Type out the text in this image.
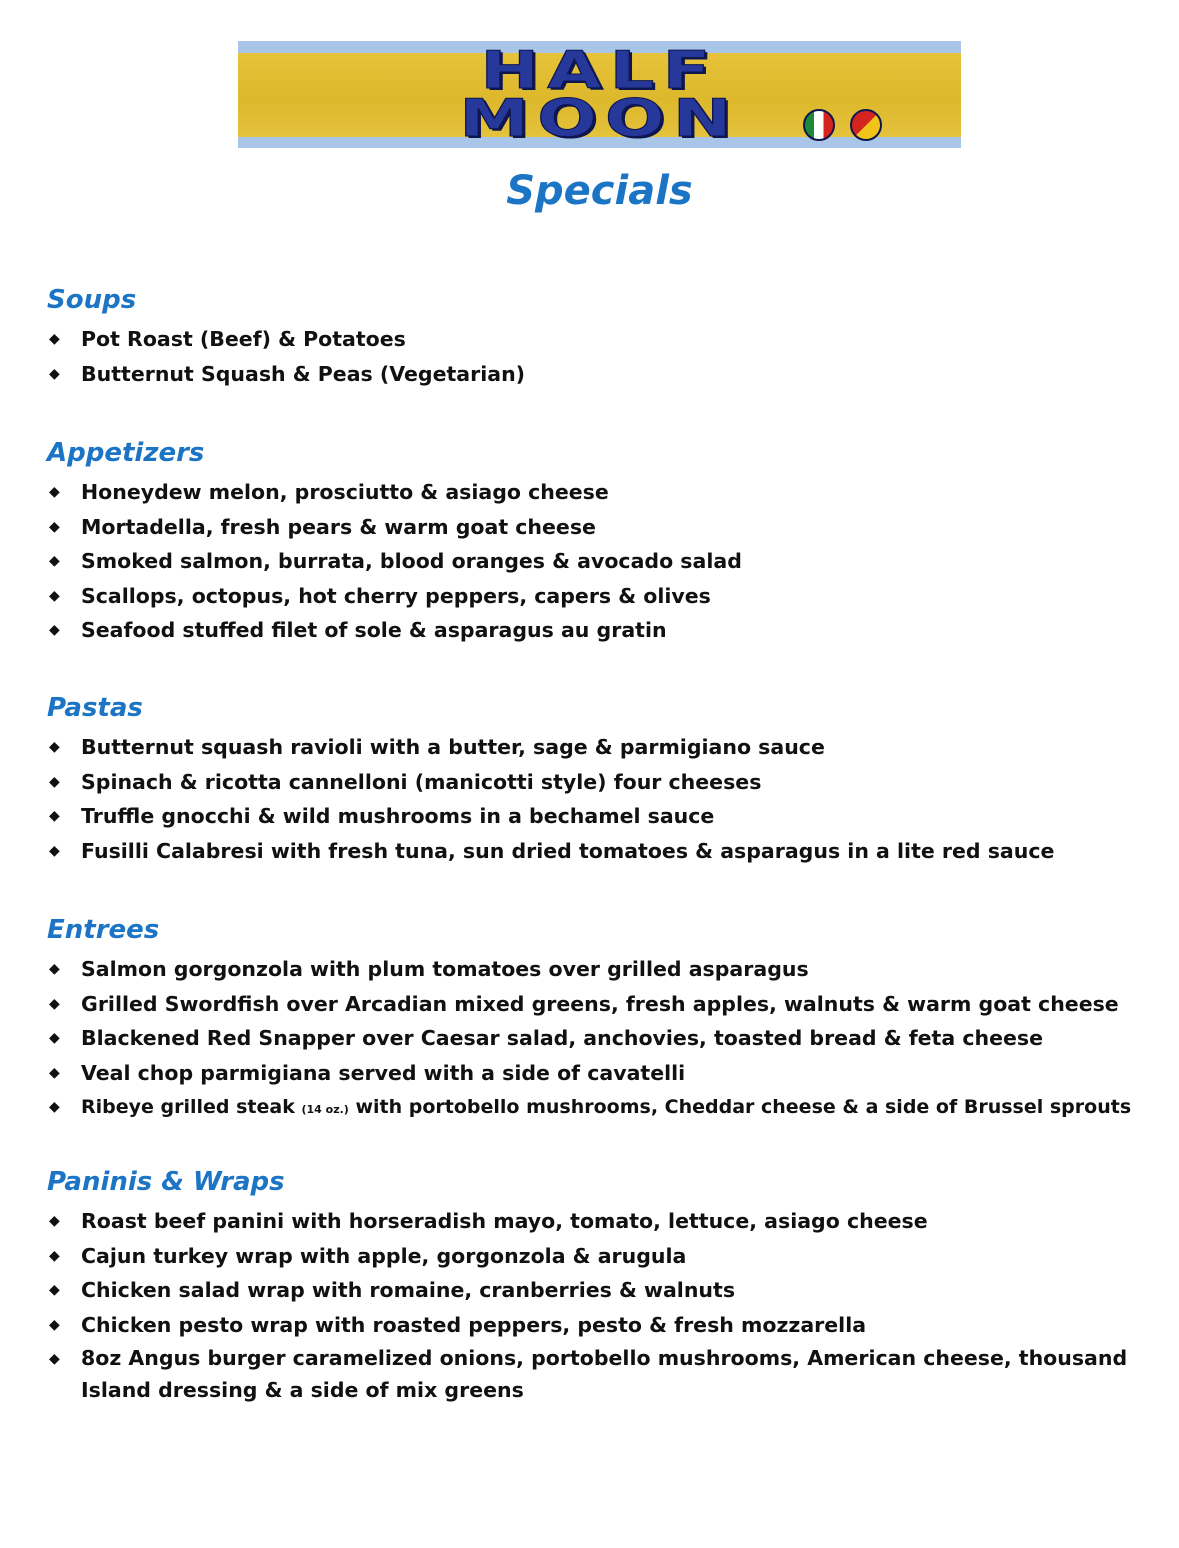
HALF
MOON
Specials
Soups
◆ Pot Roast (Beef) & Potatoes
◆ Butternut Squash & Peas (Vegetarian)
Appetizers
◆ Honeydew melon, prosciutto & asiago cheese
◆ Mortadella, fresh pears & warm goat cheese
◆ Smoked salmon, burrata, blood oranges & avocado salad
◆ Scallops, octopus, hot cherry peppers, capers & olives
◆ Seafood stuffed filet of sole & asparagus au gratin
Pastas
◆ Butternut squash ravioli with a butter, sage & parmigiano sauce
◆ Spinach & ricotta cannelloni (manicotti style) four cheeses
◆ Truffle gnocchi & wild mushrooms in a bechamel sauce
◆ Fusilli Calabresi with fresh tuna, sun dried tomatoes & asparagus in a lite red sauce
Entrees
◆ Salmon gorgonzola with plum tomatoes over grilled asparagus
◆ Grilled Swordfish over Arcadian mixed greens, fresh apples, walnuts & warm goat cheese
◆ Blackened Red Snapper over Caesar salad, anchovies, toasted bread & feta cheese
◆ Veal chop parmigiana served with a side of cavatelli
◆ Ribeye grilled steak (14 oz.) with portobello mushrooms, Cheddar cheese & a side of Brussel sprouts
Paninis & Wraps
◆ Roast beef panini with horseradish mayo, tomato, lettuce, asiago cheese
◆ Cajun turkey wrap with apple, gorgonzola & arugula
◆ Chicken salad wrap with romaine, cranberries & walnuts
◆ Chicken pesto wrap with roasted peppers, pesto & fresh mozzarella
◆ 8oz Angus burger caramelized onions, portobello mushrooms, American cheese, thousand Island dressing & a side of mix greens
